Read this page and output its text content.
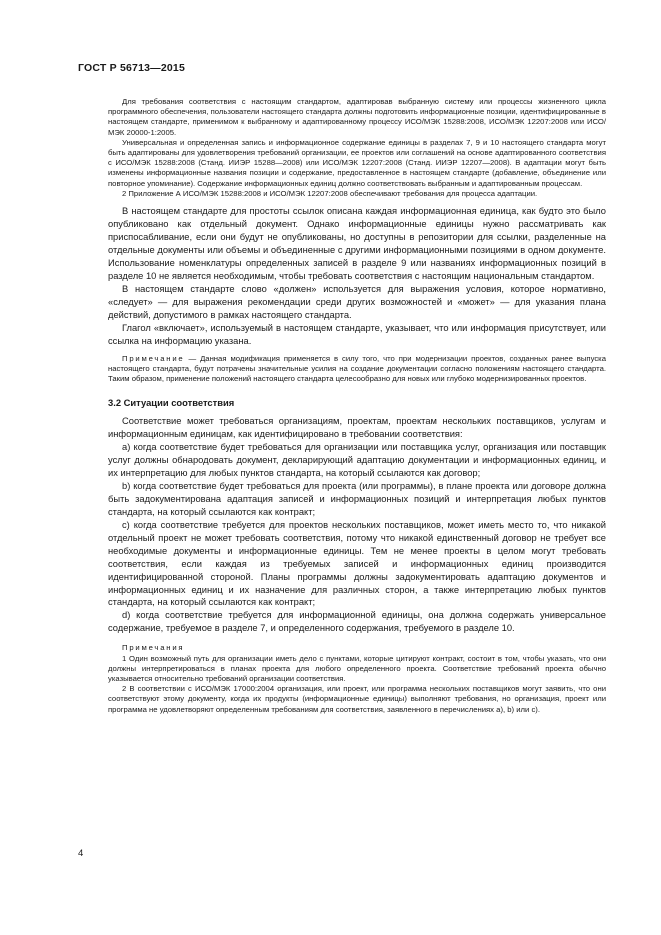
ГОСТ Р 56713—2015

Для требования соответствия с настоящим стандартом, адаптировав выбранную систему или процессы жизненного цикла программного обеспечения, пользователи настоящего стандарта должны подготовить информационные позиции, идентифицированные в настоящем стандарте, применимом к выбранному и адаптированному процессу ИСО/МЭК 15288:2008, ИСО/МЭК 12207:2008 или ИСО/МЭК 20000-1:2005.

Универсальная и определенная запись и информационное содержание единицы в разделах 7, 9 и 10 настоящего стандарта могут быть адаптированы для удовлетворения требований организации, ее проектов или соглашений на основе адаптированного соответствия с ИСО/МЭК 15288:2008 (Станд. ИИЭР 15288—2008) или ИСО/МЭК 12207:2008 (Станд. ИИЭР 12207—2008). В адаптации могут быть изменены информационные названия позиции и содержание, предоставленное в настоящем стандарте (добавление, объединение или повторное упоминание). Содержание информационных единиц должно соответствовать выбранным и адаптированным процессам.

2 Приложение А ИСО/МЭК 15288:2008 и ИСО/МЭК 12207:2008 обеспечивают требования для процесса адаптации.

В настоящем стандарте для простоты ссылок описана каждая информационная единица, как будто это было опубликовано как отдельный документ. Однако информационные единицы нужно рассматривать как приспосабливание, если они будут не опубликованы, но доступны в репозитории для ссылки, разделенные на отдельные документы или объемы и объединенные с другими информационными позициями в одном документе. Использование номенклатуры определенных записей в разделе 9 или названиях информационных позиций в разделе 10 не является необходимым, чтобы требовать соответствия с настоящим национальным стандартом.

В настоящем стандарте слово «должен» используется для выражения условия, которое нормативно, «следует» — для выражения рекомендации среди других возможностей и «может» — для указания плана действий, допустимого в рамках настоящего стандарта.

Глагол «включает», используемый в настоящем стандарте, указывает, что или информация присутствует, или ссылка на информацию указана.

Примечание — Данная модификация применяется в силу того, что при модернизации проектов, созданных ранее выпуска настоящего стандарта, будут потрачены значительные усилия на создание документации согласно положениям настоящего стандарта. Таким образом, применение положений настоящего стандарта целесообразно для новых или глубоко модернизированных проектов.

3.2 Ситуации соответствия

Соответствие может требоваться организациям, проектам, проектам нескольких поставщиков, услугам и информационным единицам, как идентифицировано в требовании соответствия:

a) когда соответствие будет требоваться для организации или поставщика услуг, организация или поставщик услуг должны обнародовать документ, декларирующий адаптацию документации и информационных единиц, и их интерпретацию для любых пунктов стандарта, на который ссылаются как договор;

b) когда соответствие будет требоваться для проекта (или программы), в плане проекта или договоре должна быть задокументирована адаптация записей и информационных позиций и интерпретация любых пунктов стандарта, на который ссылаются как контракт;

c) когда соответствие требуется для проектов нескольких поставщиков, может иметь место то, что никакой отдельный проект не может требовать соответствия, потому что никакой единственный договор не требует все необходимые документы и информационные единицы. Тем не менее проекты в целом могут требовать соответствия, если каждая из требуемых записей и информационных единиц производится идентифицированной стороной. Планы программы должны задокументировать адаптацию документов и информационных единиц и их назначение для различных сторон, а также интерпретацию любых пунктов стандарта, на который ссылаются как контракт;

d) когда соответствие требуется для информационной единицы, она должна содержать универсальное содержание, требуемое в разделе 7, и определенного содержания, требуемого в разделе 10.

Примечания

1 Один возможный путь для организации иметь дело с пунктами, которые цитируют контракт, состоит в том, чтобы указать, что они должны интерпретироваться в планах проекта для любого определенного проекта. Соответствие требований проекта обычно указывается относительно требований организации соответствия.

2 В соответствии с ИСО/МЭК 17000:2004 организация, или проект, или программа нескольких поставщиков могут заявить, что они соответствуют этому документу, когда их продукты (информационные единицы) выполняют требования, но организация, проект или программа не удовлетворяют определенным требованиям для соответствия, заявленного в перечислениях а), b) или с).

4
